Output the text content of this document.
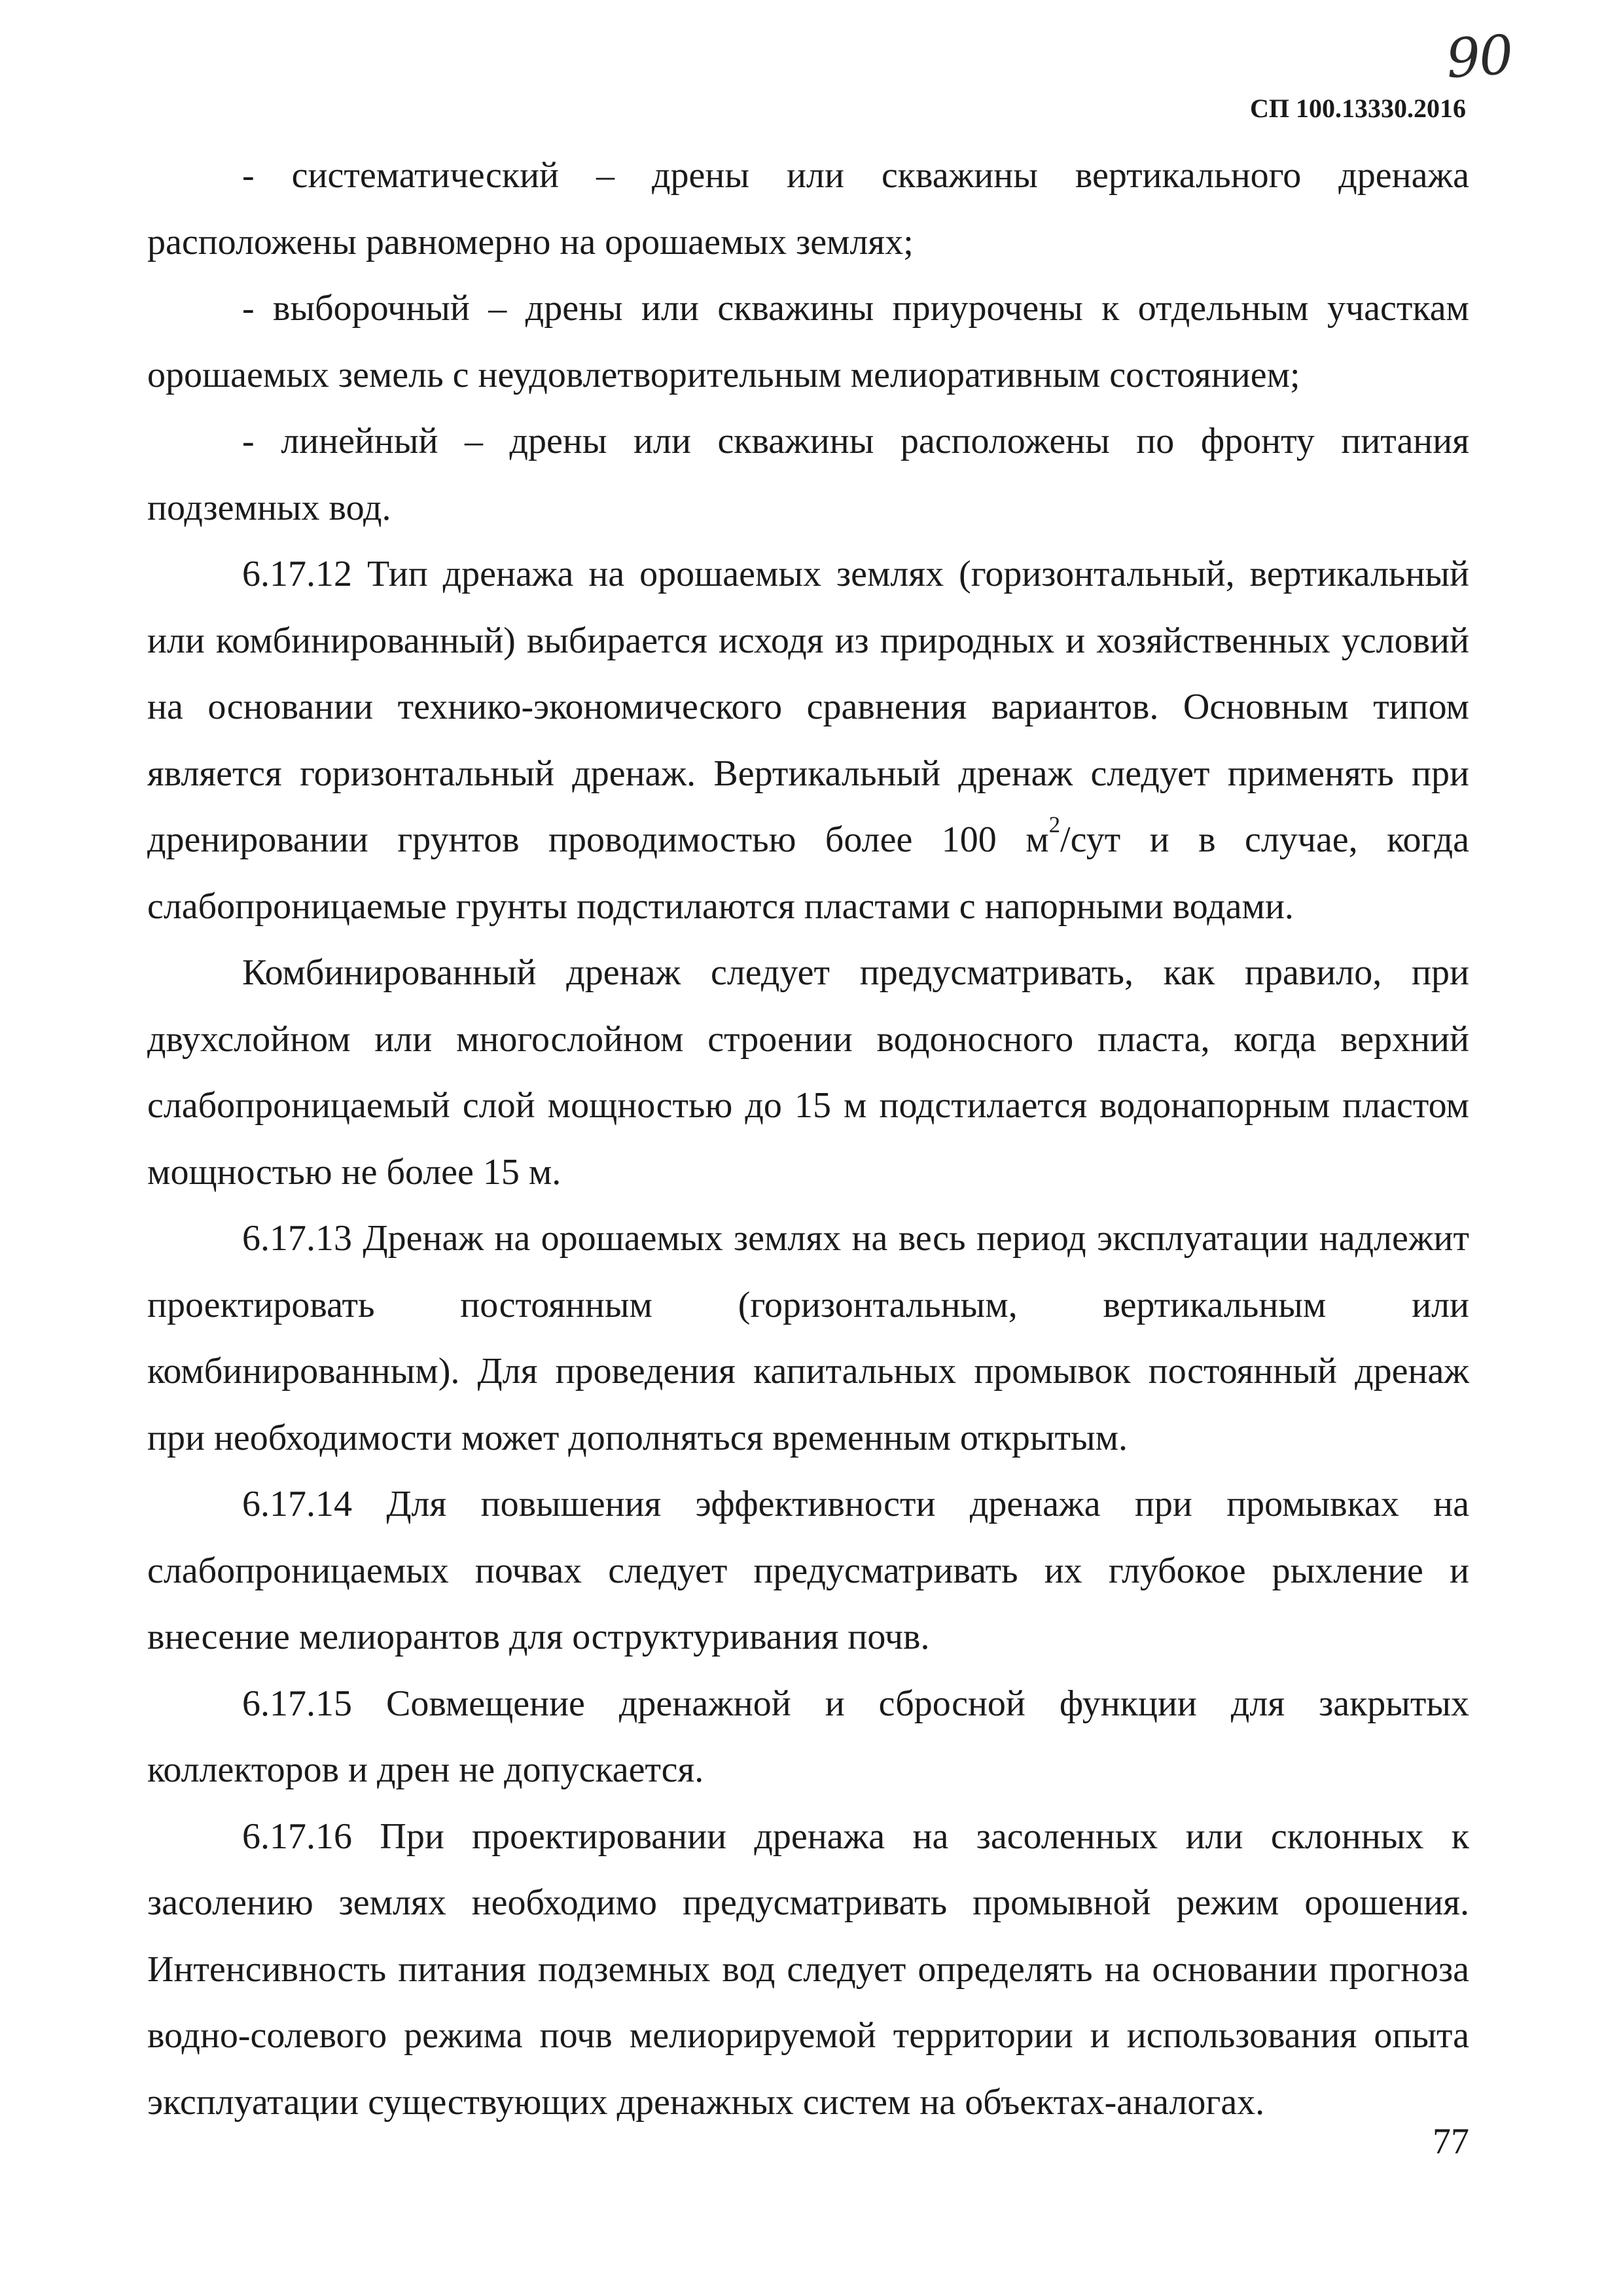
90
СП 100.13330.2016

- систематический – дрены или скважины вертикального дренажа расположены равномерно на орошаемых землях;

- выборочный – дрены или скважины приурочены к отдельным участкам орошаемых земель с неудовлетворительным мелиоративным состоянием;

- линейный – дрены или скважины расположены по фронту питания подземных вод.

6.17.12 Тип дренажа на орошаемых землях (горизонтальный, вертикальный или комбинированный) выбирается исходя из природных и хозяйственных условий на основании технико-экономического сравнения вариантов. Основным типом является горизонтальный дренаж. Вертикальный дренаж следует применять при дренировании грунтов проводимостью более 100 $м^2$/сут и в случае, когда слабопроницаемые грунты подстилаются пластами с напорными водами.

Комбинированный дренаж следует предусматривать, как правило, при двухслойном или многослойном строении водоносного пласта, когда верхний слабопроницаемый слой мощностью до 15 м подстилается водонапорным пластом мощностью не более 15 м.

6.17.13 Дренаж на орошаемых землях на весь период эксплуатации надлежит проектировать постоянным (горизонтальным, вертикальным или комбинированным). Для проведения капитальных промывок постоянный дренаж при необходимости может дополняться временным открытым.

6.17.14 Для повышения эффективности дренажа при промывках на слабопроницаемых почвах следует предусматривать их глубокое рыхление и внесение мелиорантов для оструктуривания почв.

6.17.15 Совмещение дренажной и сбросной функции для закрытых коллекторов и дрен не допускается.

6.17.16 При проектировании дренажа на засоленных или склонных к засолению землях необходимо предусматривать промывной режим орошения. Интенсивность питания подземных вод следует определять на основании прогноза водно-солевого режима почв мелиорируемой территории и использования опыта эксплуатации существующих дренажных систем на объектах-аналогах.

77
